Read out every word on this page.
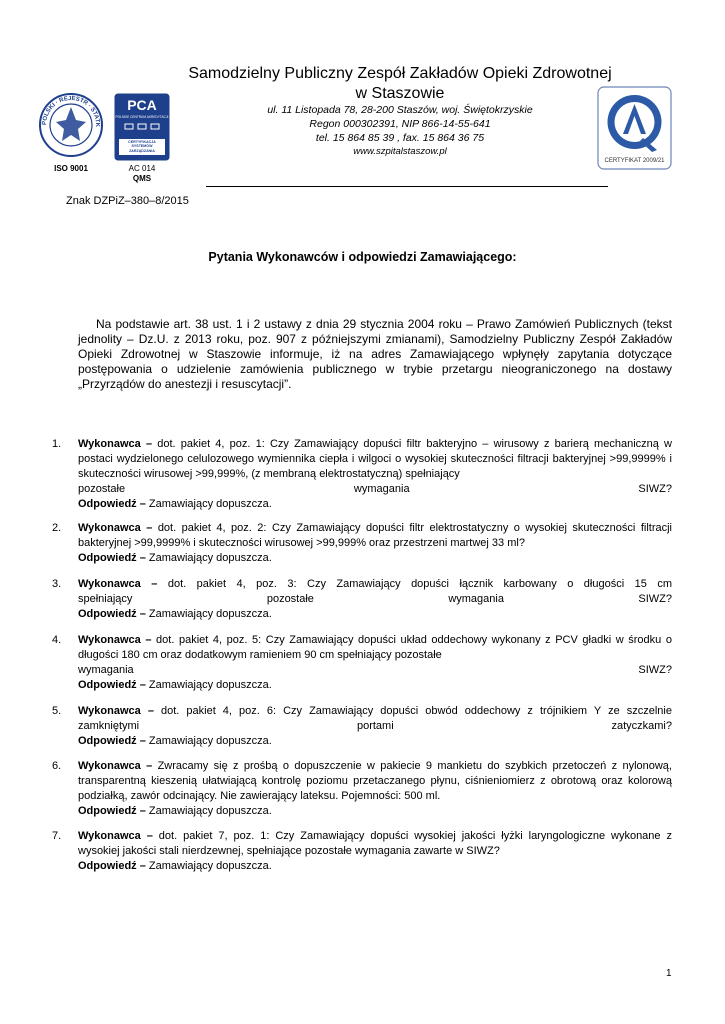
POLSKI · REJESTR · STATK
ISO 9001
PCA
POLSKIE CENTRUM AKREDYTACJI
CERTYFIKACJA SYSTEMÓW ZARZĄDZANIA
AC 014
QMS
Samodzielny Publiczny Zespół Zakładów Opieki Zdrowotnej
w Staszowie
ul. 11 Listopada 78, 28-200 Staszów, woj. Świętokrzyskie
Regon 000302391, NIP 866-14-55-641
tel. 15 864 85 39 , fax. 15 864 36 75
www.szpitalstaszow.pl
CERTYFIKAT 2009/21
Znak DZPiZ–380–8/2015
Pytania Wykonawców i odpowiedzi Zamawiającego:
Na podstawie art. 38 ust. 1 i 2 ustawy z dnia 29 stycznia 2004 roku – Prawo Zamówień Publicznych (tekst jednolity – Dz.U. z 2013 roku, poz. 907 z późniejszymi zmianami), Samodzielny Publiczny Zespół Zakładów Opieki Zdrowotnej w Staszowie informuje, iż na adres Zamawiającego wpłynęły zapytania dotyczące postępowania o udzielenie zamówienia publicznego w trybie przetargu nieograniczonego na dostawy „Przyrządów do anestezji i resuscytacji”.
1. Wykonawca – dot. pakiet 4, poz. 1: Czy Zamawiający dopuści filtr bakteryjno – wirusowy z barierą mechaniczną w postaci wydzielonego celulozowego wymiennika ciepła i wilgoci o wysokiej skuteczności filtracji bakteryjnej >99,9999% i skuteczności wirusowej >99,999%, (z membraną elektrostatyczną) spełniający
pozostałe wymagania SIWZ?
Odpowiedź – Zamawiający dopuszcza.
2. Wykonawca – dot. pakiet 4, poz. 2: Czy Zamawiający dopuści filtr elektrostatyczny o wysokiej skuteczności filtracji bakteryjnej >99,9999% i skuteczności wirusowej >99,999% oraz przestrzeni martwej 33 ml?
Odpowiedź – Zamawiający dopuszcza.
3. Wykonawca – dot. pakiet 4, poz. 3: Czy Zamawiający dopuści łącznik karbowany o długości 15 cm
spełniający pozostałe wymagania SIWZ?
Odpowiedź – Zamawiający dopuszcza.
4. Wykonawca – dot. pakiet 4, poz. 5: Czy Zamawiający dopuści układ oddechowy wykonany z PCV gładki w środku o długości 180 cm oraz dodatkowym ramieniem 90 cm spełniający pozostałe
wymagania SIWZ?
Odpowiedź – Zamawiający dopuszcza.
5. Wykonawca – dot. pakiet 4, poz. 6: Czy Zamawiający dopuści obwód oddechowy z trójnikiem Y ze szczelnie
zamkniętymi portami zatyczkami?
Odpowiedź – Zamawiający dopuszcza.
6. Wykonawca – Zwracamy się z prośbą o dopuszczenie w pakiecie 9 mankietu do szybkich przetoczeń z nylonową, transparentną kieszenią ułatwiającą kontrolę poziomu przetaczanego płynu, ciśnieniomierz z obrotową oraz kolorową podziałką, zawór odcinający. Nie zawierający lateksu. Pojemności: 500 ml.
Odpowiedź – Zamawiający dopuszcza.
7. Wykonawca – dot. pakiet 7, poz. 1: Czy Zamawiający dopuści wysokiej jakości łyżki laryngologiczne wykonane z wysokiej jakości stali nierdzewnej, spełniające pozostałe wymagania zawarte w SIWZ?
Odpowiedź – Zamawiający dopuszcza.
1
